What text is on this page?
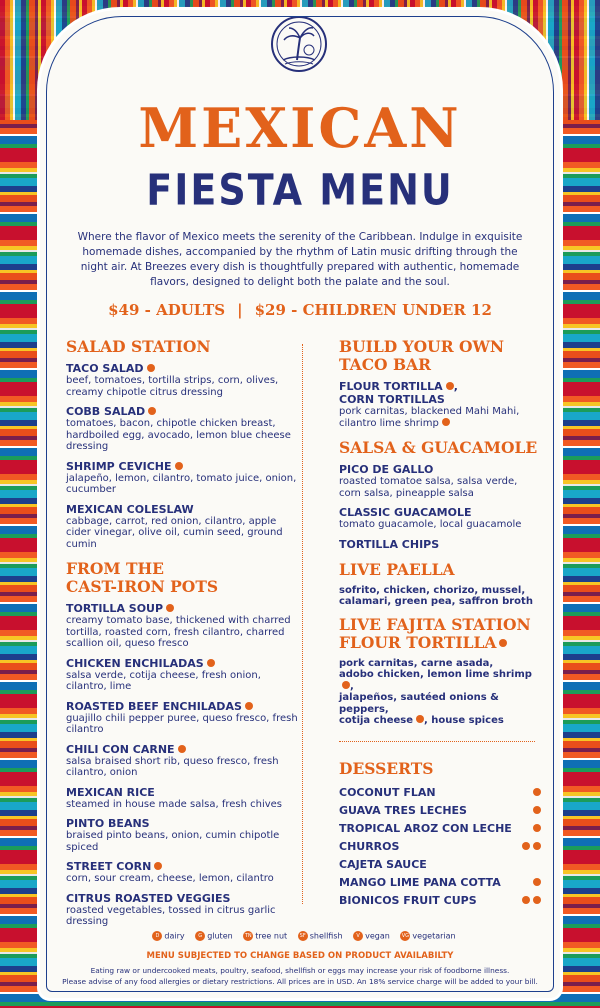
MEXICAN
FIESTA MENU
Where the flavor of Mexico meets the serenity of the Caribbean. Indulge in exquisite homemade dishes, accompanied by the rhythm of Latin music drifting through the night air. At Breezes every dish is thoughtfully prepared with authentic, homemade flavors, designed to delight both the palate and the soul.
$49 - ADULTS | $29 - CHILDREN UNDER 12
SALAD STATION
TACO SALAD
beef, tomatoes, tortilla strips, corn, olives, creamy chipotle citrus dressing
COBB SALAD
tomatoes, bacon, chipotle chicken breast, hardboiled egg, avocado, lemon blue cheese dressing
SHRIMP CEVICHE
jalapeño, lemon, cilantro, tomato juice, onion, cucumber
MEXICAN COLESLAW
cabbage, carrot, red onion, cilantro, apple cider vinegar, olive oil, cumin seed, ground cumin
FROM THE
CAST-IRON POTS
TORTILLA SOUP
creamy tomato base, thickened with charred tortilla, roasted corn, fresh cilantro, charred scallion oil, queso fresco
CHICKEN ENCHILADAS
salsa verde, cotija cheese, fresh onion, cilantro, lime
ROASTED BEEF ENCHILADAS
guajillo chili pepper puree, queso fresco, fresh cilantro
CHILI CON CARNE
salsa braised short rib, queso fresco, fresh cilantro, onion
MEXICAN RICE
steamed in house made salsa, fresh chives
PINTO BEANS
braised pinto beans, onion, cumin chipotle spiced
STREET CORN
corn, sour cream, cheese, lemon, cilantro
CITRUS ROASTED VEGGIES
roasted vegetables, tossed in citrus garlic dressing
BUILD YOUR OWN
TACO BAR
FLOUR TORTILLA ,
CORN TORTILLAS
pork carnitas, blackened Mahi Mahi, cilantro lime shrimp
SALSA & GUACAMOLE
PICO DE GALLO
roasted tomatoe salsa, salsa verde, corn salsa, pineapple salsa
CLASSIC GUACAMOLE
tomato guacamole, local guacamole
TORTILLA CHIPS
LIVE PAELLA
sofrito, chicken, chorizo, mussel, calamari, green pea, saffron broth
LIVE FAJITA STATION
FLOUR TORTILLA
pork carnitas, carne asada,
adobo chicken, lemon lime shrimp,
jalapeños, sautéed onions & peppers,
cotija cheese , house spices
DESSERTS
COCONUT FLAN
GUAVA TRES LECHES
TROPICAL AROZ CON LECHE
CHURROS
CAJETA SAUCE
MANGO LIME PANA COTTA
BIONICOS FRUIT CUPS
D dairy	G gluten TN tree nut	SF shellfish	V vegan VG vegetarian
MENU SUBJECTED TO CHANGE BASED ON PRODUCT AVAILABILTY
Eating raw or undercooked meats, poultry, seafood, shellfish or eggs may increase your risk of foodborne illness.
Please advise of any food allergies or dietary restrictions. All prices are in USD. An 18% service charge will be added to your bill.
